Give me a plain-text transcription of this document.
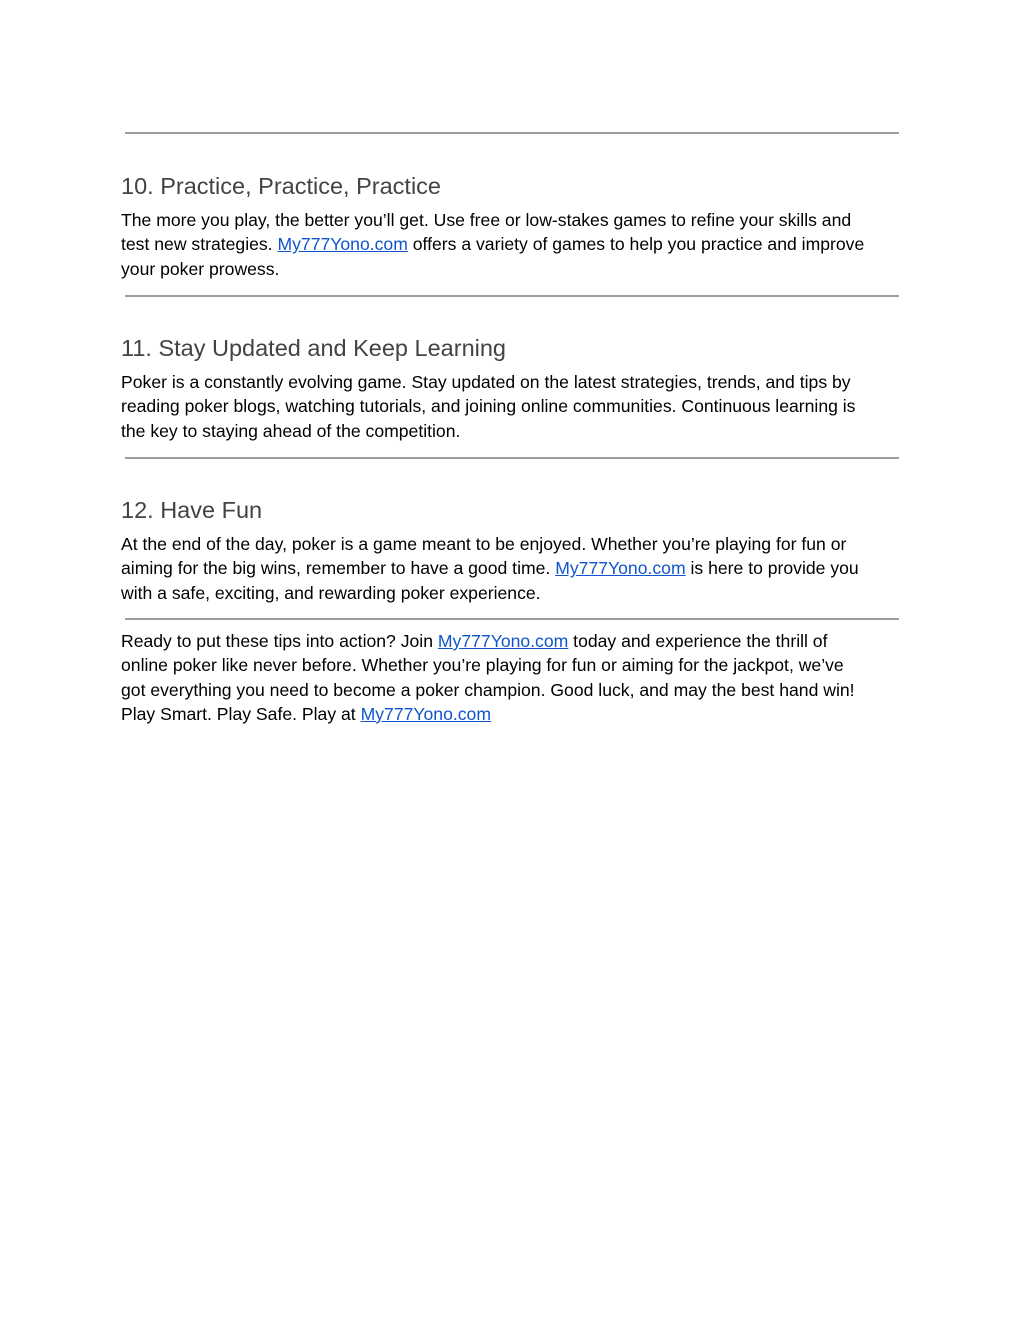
10. Practice, Practice, Practice

The more you play, the better you’ll get. Use free or low-stakes games to refine your skills and
test new strategies. My777Yono.com offers a variety of games to help you practice and improve
your poker prowess.

11. Stay Updated and Keep Learning

Poker is a constantly evolving game. Stay updated on the latest strategies, trends, and tips by
reading poker blogs, watching tutorials, and joining online communities. Continuous learning is
the key to staying ahead of the competition.

12. Have Fun

At the end of the day, poker is a game meant to be enjoyed. Whether you’re playing for fun or
aiming for the big wins, remember to have a good time. My777Yono.com is here to provide you
with a safe, exciting, and rewarding poker experience.

Ready to put these tips into action? Join My777Yono.com today and experience the thrill of
online poker like never before. Whether you’re playing for fun or aiming for the jackpot, we’ve
got everything you need to become a poker champion. Good luck, and may the best hand win!
Play Smart. Play Safe. Play at My777Yono.com
